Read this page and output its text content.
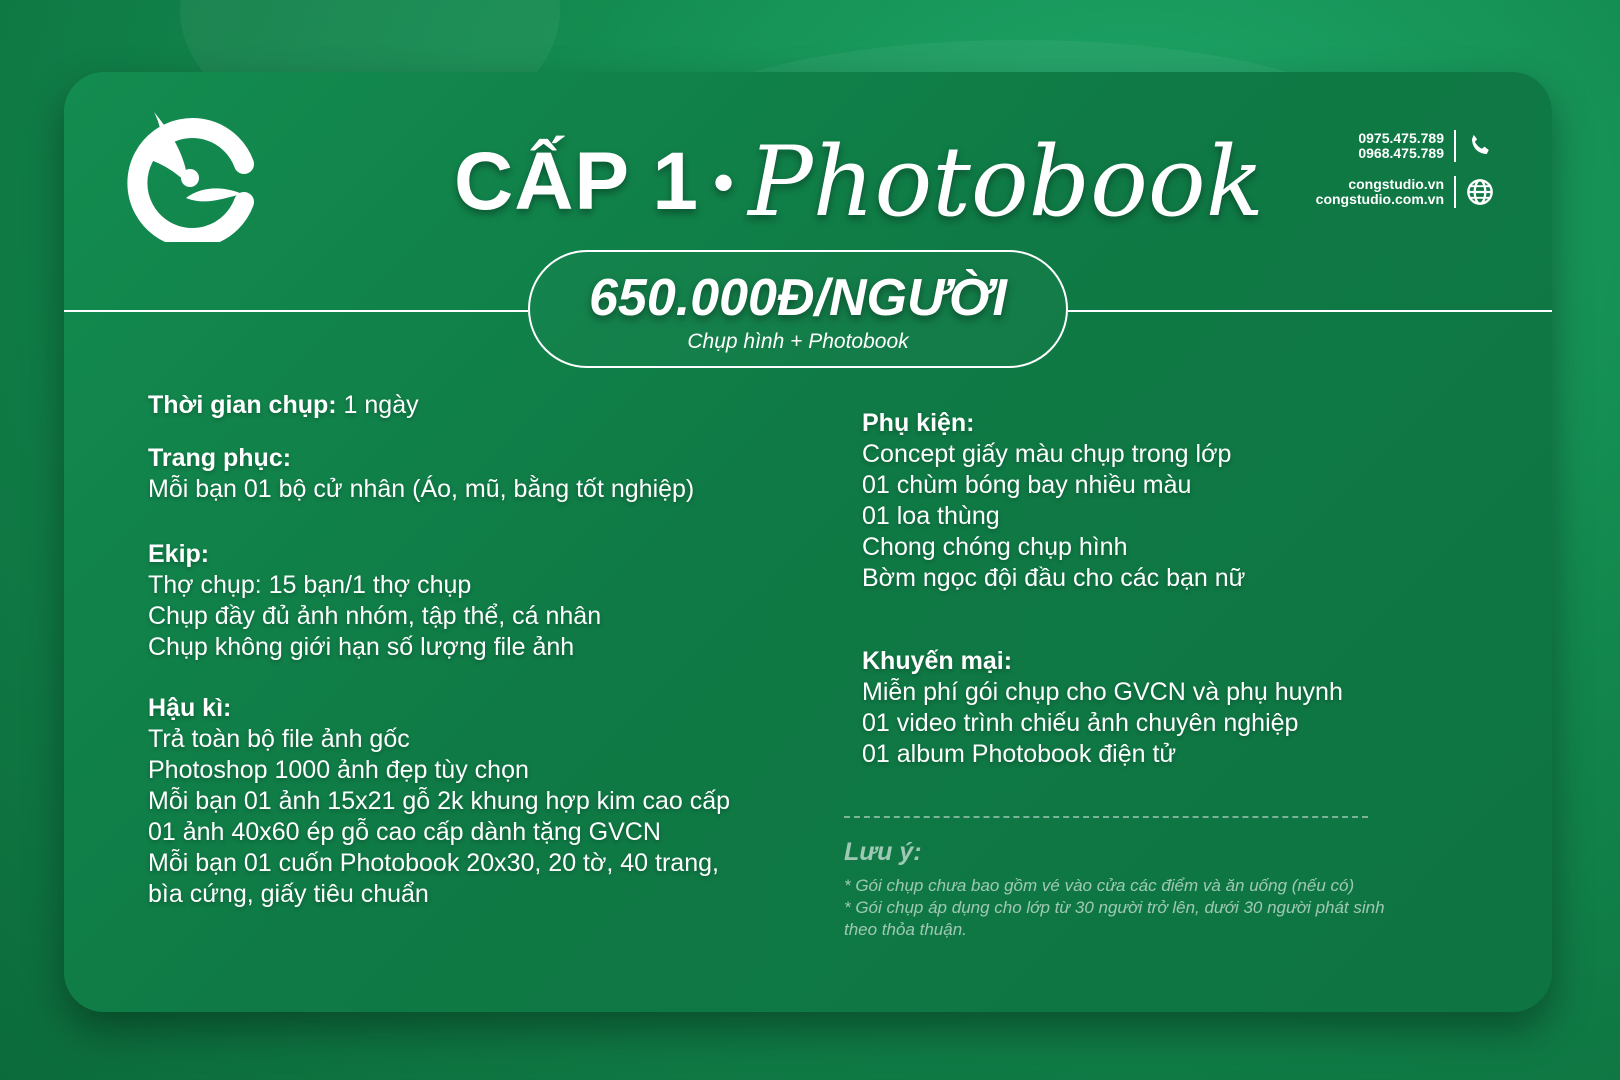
CẤP 1 • Photobook	0975.475.789
0968.475.789
congstudio.vn
congstudio.com.vn
650.000Đ/NGƯỜI
Chụp hình + Photobook
Thời gian chụp: 1 ngày
Trang phục:
Mỗi bạn 01 bộ cử nhân (Áo, mũ, bằng tốt nghiệp)
Ekip:
Thợ chụp: 15 bạn/1 thợ chụp
Chụp đầy đủ ảnh nhóm, tập thể, cá nhân
Chụp không giới hạn số lượng file ảnh
Hậu kì:
Trả toàn bộ file ảnh gốc
Photoshop 1000 ảnh đẹp tùy chọn
Mỗi bạn 01 ảnh 15x21 gỗ 2k khung hợp kim cao cấp
01 ảnh 40x60 ép gỗ cao cấp dành tặng GVCN
Mỗi bạn 01 cuốn Photobook 20x30, 20 tờ, 40 trang,
bìa cứng, giấy tiêu chuẩn
Phụ kiện:
Concept giấy màu chụp trong lớp
01 chùm bóng bay nhiều màu
01 loa thùng
Chong chóng chụp hình
Bờm ngọc đội đầu cho các bạn nữ
Khuyến mại:
Miễn phí gói chụp cho GVCN và phụ huynh
01 video trình chiếu ảnh chuyên nghiệp
01 album Photobook điện tử
Lưu ý:
* Gói chụp chưa bao gồm vé vào cửa các điểm và ăn uống (nếu có)
* Gói chụp áp dụng cho lớp từ 30 người trở lên, dưới 30 người phát sinh
theo thỏa thuận.
